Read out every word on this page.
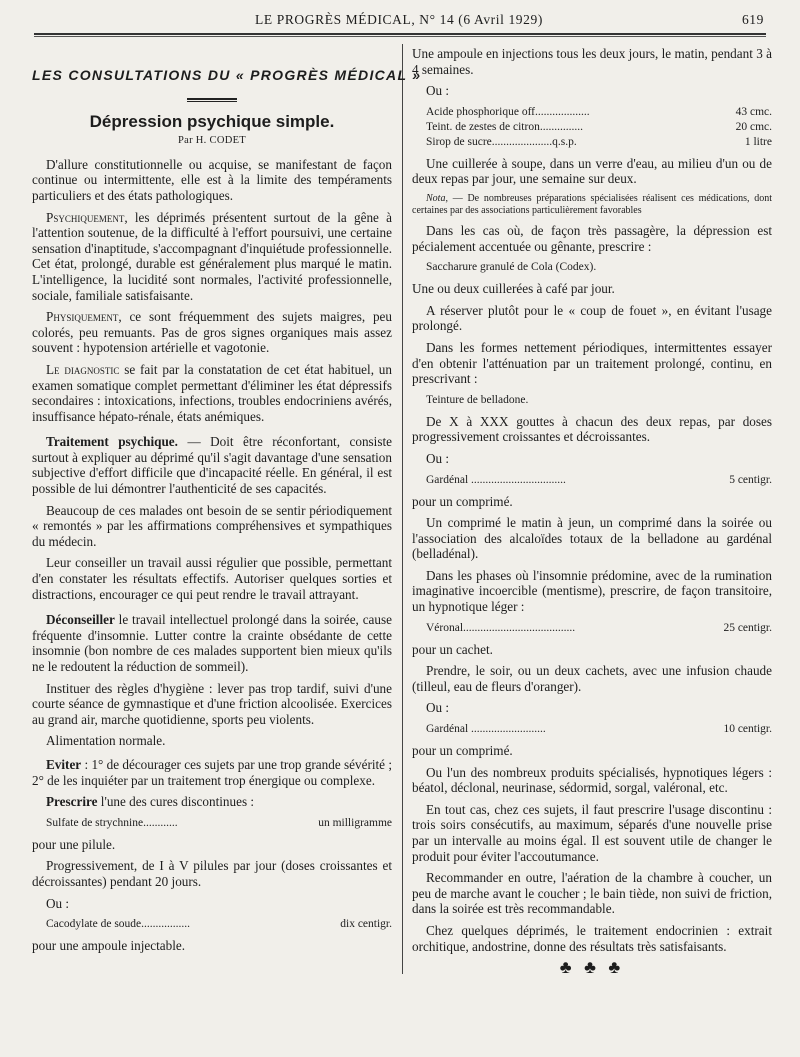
LE PROGRÈS MÉDICAL, N° 14 (6 Avril 1929)	619
LES CONSULTATIONS DU « PROGRÈS MÉDICAL »
Dépression psychique simple.
Par H. CODET

D'allure constitutionnelle ou acquise, se manifestant de façon continue ou intermittente, elle est à la limite des tempéraments particuliers et des états pathologiques.

Psychiquement, les déprimés présentent surtout de la gêne à l'attention soutenue, de la difficulté à l'effort poursuivi, une certaine sensation d'inaptitude, s'accompagnant d'inquiétude professionnelle. Cet état, prolongé, durable est généralement plus marqué le matin. L'intelligence, la lucidité sont normales, l'activité professionnelle, sociale, familiale satisfaisante.

Physiquement, ce sont fréquemment des sujets maigres, peu colorés, peu remuants. Pas de gros signes organiques mais assez souvent : hypotension artérielle et vagotonie.

Le diagnostic se fait par la constatation de cet état habituel, un examen somatique complet permettant d'éliminer les état dépressifs secondaires : intoxications, infections, troubles endocriniens avérés, insuffisance hépato-rénale, états anémiques.

Traitement psychique. — Doit être réconfortant, consiste surtout à expliquer au déprimé qu'il s'agit davantage d'une sensation subjective d'effort difficile que d'incapacité réelle. En général, il est possible de lui démontrer l'authenticité de ses capacités.

Beaucoup de ces malades ont besoin de se sentir périodiquement « remontés » par les affirmations compréhensives et sympathiques du médecin.

Leur conseiller un travail aussi régulier que possible, permettant d'en constater les résultats effectifs. Autoriser quelques sorties et distractions, encourager ce qui peut rendre le travail attrayant.

Déconseiller le travail intellectuel prolongé dans la soirée, cause fréquente d'insomnie. Lutter contre la crainte obsédante de cette insomnie (bon nombre de ces malades supportent bien mieux qu'ils ne le redoutent la réduction de sommeil).

Instituer des règles d'hygiène : lever pas trop tardif, suivi d'une courte séance de gymnastique et d'une friction alcoolisée. Exercices au grand air, marche quotidienne, sports peu violents.

Alimentation normale.

Eviter : 1° de décourager ces sujets par une trop grande sévérité ; 2° de les inquiéter par un traitement trop énergique ou complexe.

Prescrire l'une des cures discontinues :

Sulfate de strychnine............	un milligramme

pour une pilule.

Progressivement, de I à V pilules par jour (doses croissantes et décroissantes) pendant 20 jours.

Ou :

Cacodylate de soude.................	dix centigr.

pour une ampoule injectable.

Une ampoule en injections tous les deux jours, le matin, pendant 3 à 4 semaines.

Ou :

Acide phosphorique off...................	43 cmc.
Teint. de zestes de citron...............	20 cmc.
Sirop de sucre.....................q.s.p.	1 litre

Une cuillerée à soupe, dans un verre d'eau, au milieu d'un ou de deux repas par jour, une semaine sur deux.

Nota, — De nombreuses préparations spécialisées réalisent ces médications, dont certaines par des associations particulièrement favorables

Dans les cas où, de façon très passagère, la dépression est pécialement accentuée ou gênante, prescrire :

Saccharure granulé de Cola (Codex).

Une ou deux cuillerées à café par jour.

A réserver plutôt pour le « coup de fouet », en évitant l'usage prolongé.

Dans les formes nettement périodiques, intermittentes essayer d'en obtenir l'atténuation par un traitement prolongé, continu, en prescrivant :

Teinture de belladone.

De X à XXX gouttes à chacun des deux repas, par doses progressivement croissantes et décroissantes.

Ou :

Gardénal .................................	5 centigr.

pour un comprimé.

Un comprimé le matin à jeun, un comprimé dans la soirée ou l'association des alcaloïdes totaux de la belladone au gardénal (belladénal).

Dans les phases où l'insomnie prédomine, avec de la rumination imaginative incoercible (mentisme), prescrire, de façon transitoire, un hypnotique léger :

Véronal.......................................	25 centigr.

pour un cachet.

Prendre, le soir, ou un deux cachets, avec une infusion chaude (tilleul, eau de fleurs d'oranger).

Ou :

Gardénal ..........................	10 centigr.

pour un comprimé.

Ou l'un des nombreux produits spécialisés, hypnotiques légers : béatol, déclonal, neurinase, sédormid, sorgal, valéronal, etc.

En tout cas, chez ces sujets, il faut prescrire l'usage discontinu : trois soirs consécutifs, au maximum, séparés d'une nouvelle prise par un intervalle au moins égal. Il est souvent utile de changer le produit pour éviter l'accoutumance.

Recommander en outre, l'aération de la chambre à coucher, un peu de marche avant le coucher ; le bain tiède, non suivi de friction, dans la soirée est très recommandable.

Chez quelques déprimés, le traitement endocrinien : extrait orchitique, andostrine, donne des résultats très satisfaisants.

♣ ♣ ♣
